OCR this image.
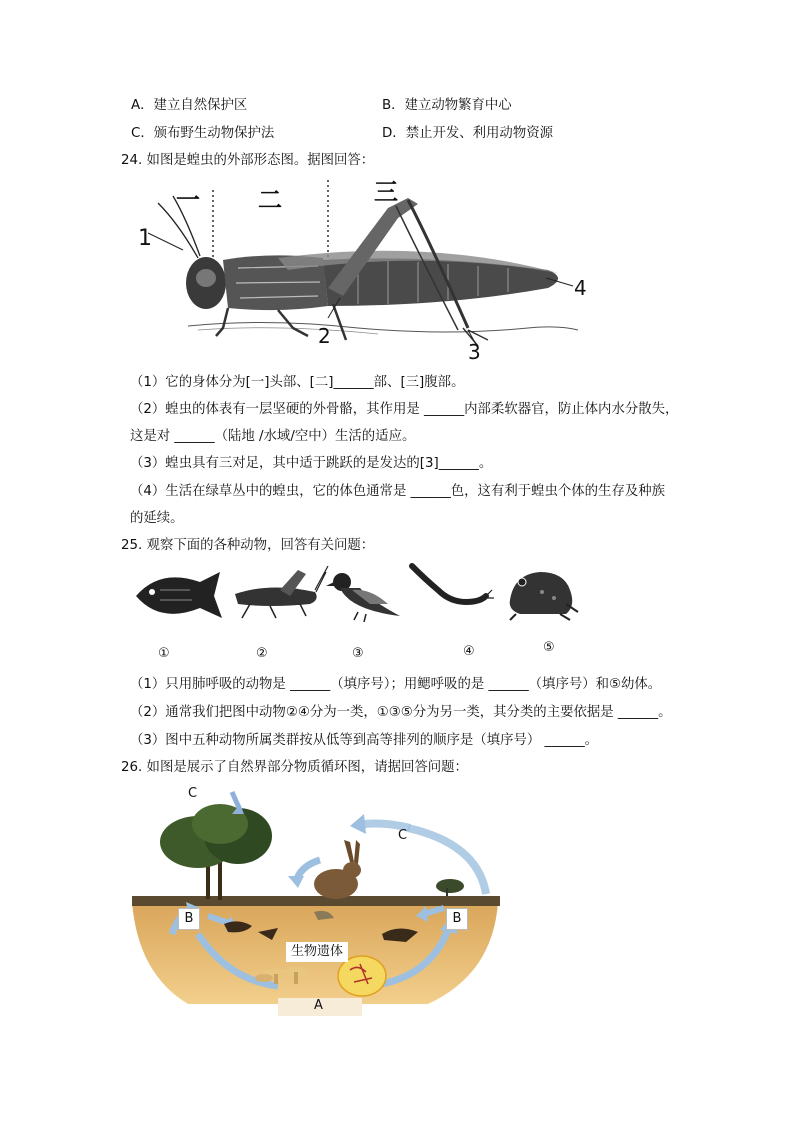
A．建立自然保护区	B．建立动物繁育中心
C．颁布野生动物保护法	D．禁止开发、利用动物资源
24. 如图是蝗虫的外部形态图。据图回答：
一 二	三
1
2
3
4
（1）它的身体分为[一]头部、[二]______部、[三]腹部。
（2）蝗虫的体表有一层坚硬的外骨骼，其作用是 ______内部柔软器官，防止体内水分散失，
这是对 ______（陆地 /水域/空中）生活的适应。
（3）蝗虫具有三对足，其中适于跳跃的是发达的[3]______。
（4）生活在绿草丛中的蝗虫，它的体色通常是 ______色，这有利于蝗虫个体的生存及种族
的延续。
25. 观察下面的各种动物，回答有关问题：
①	②	③	④	⑤
（1）只用肺呼吸的动物是 ______（填序号）；用鳃呼吸的是 ______（填序号）和⑤幼体。
（2）通常我们把图中动物②④分为一类，①③⑤分为另一类，其分类的主要依据是 ______。
（3）图中五种动物所属类群按从低等到高等排列的顺序是（填序号） ______。
26. 如图是展示了自然界部分物质循环图，请据回答问题：
C
C
B	B
生物遗体
A
